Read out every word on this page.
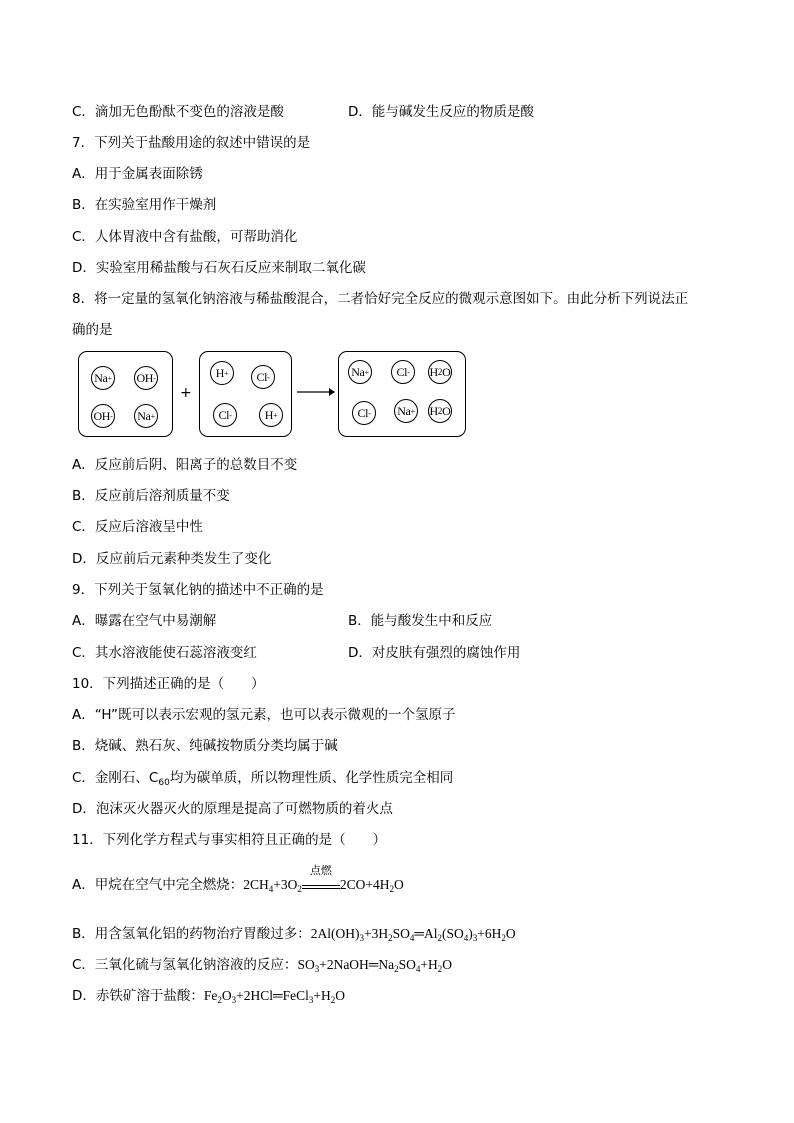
C．滴加无色酚酞不变色的溶液是酸	D．能与碱发生反应的物质是酸
7．下列关于盐酸用途的叙述中错误的是
A．用于金属表面除锈
B．在实验室用作干燥剂
C．人体胃液中含有盐酸，可帮助消化
D．实验室用稀盐酸与石灰石反应来制取二氧化碳
8．将一定量的氢氧化钠溶液与稀盐酸混合，二者恰好完全反应的微观示意图如下。由此分析下列说法正
确的是
Na + OH -
OH - Na +
+
H + Cl -
Cl -	H +
Na + Cl - H 2 O
Cl - Na + H 2 O
A．反应前后阴、阳离子的总数目不变
B．反应前后溶剂质量不变
C．反应后溶液呈中性
D．反应前后元素种类发生了变化
9．下列关于氢氧化钠的描述中不正确的是
A．曝露在空气中易潮解	B．能与酸发生中和反应
C．其水溶液能使石蕊溶液变红	D．对皮肤有强烈的腐蚀作用
10．下列描述正确的是（　　）
A．“H”既可以表示宏观的氢元素，也可以表示微观的一个氢原子
B．烧碱、熟石灰、纯碱按物质分类均属于碱
C．金刚石、$C_{60}$均为碳单质，所以物理性质、化学性质完全相同
D．泡沫灭火器灭火的原理是提高了可燃物质的着火点
11．下列化学方程式与事实相符且正确的是（　　）
A．甲烷在空气中完全燃烧：$2CH_4+3O_2$
点燃
$2CO+4H_2O$
B．用含氢氧化铝的药物治疗胃酸过多：$2Al(OH)_3+3H_2SO_4═Al_2(SO_4)_3+6H_2O$
C．三氧化硫与氢氧化钠溶液的反应：$SO_3+2NaOH═Na_2SO_4+H_2O$
D．赤铁矿溶于盐酸：$Fe_2O_3+2HCl═FeCl_3+H_2O$
